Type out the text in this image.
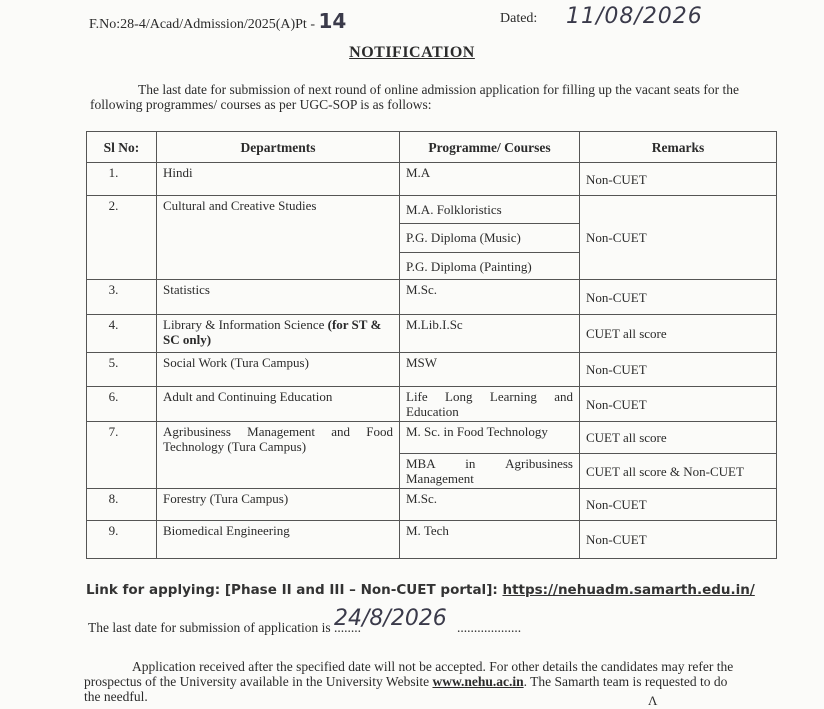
F.No:28-4/Acad/Admission/2025(A)Pt - 14	Dated: 11/08/2026
NOTIFICATION
The last date for submission of next round of online admission application for filling up the vacant seats for the following programmes/ courses as per UGC-SOP is as follows:
Sl No:	Departments	Programme/ Courses	Remarks
1.	Hindi	M.A	Non-CUET
2.	Cultural and Creative Studies	M.A. Folkloristics	Non-CUET
		P.G. Diploma (Music)	
		P.G. Diploma (Painting)	
3.	Statistics	M.Sc.	Non-CUET
4.	Library & Information Science (for ST & SC only)	M.Lib.I.Sc	CUET all score
5.	Social Work (Tura Campus)	MSW	Non-CUET
6.	Adult and Continuing Education	Life Long Learning and Education	Non-CUET
7.	Agribusiness Management and Food Technology (Tura Campus)	M. Sc. in Food Technology	CUET all score
		MBA in Agribusiness Management	CUET all score & Non-CUET
8.	Forestry (Tura Campus)	M.Sc.	Non-CUET
9.	Biomedical Engineering	M. Tech	Non-CUET
Link for applying: [Phase II and III – Non-CUET portal]: https://nehuadm.samarth.edu.in/
The last date for submission of application is ........	...................
24/8/2026
Application received after the specified date will not be accepted. For other details the candidates may refer the prospectus of the University available in the University Website www.nehu.ac.in. The Samarth team is requested to do the needful.	Λ
